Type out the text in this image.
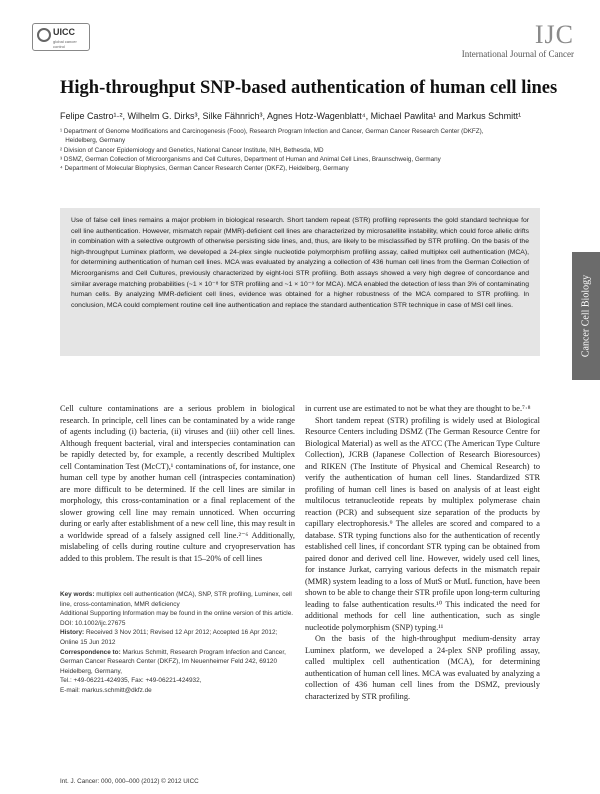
UICC
global cancer control	IJC
International Journal of Cancer
High-throughput SNP-based authentication of human cell lines
Felipe Castro¹·², Wilhelm G. Dirks³, Silke Fähnrich³, Agnes Hotz-Wagenblatt⁴, Michael Pawlita¹ and Markus Schmitt¹

¹ Department of Genome Modifications and Carcinogenesis (Fooo), Research Program Infection and Cancer, German Cancer Research Center (DKFZ),

Heidelberg, Germany

² Division of Cancer Epidemiology and Genetics, National Cancer Institute, NIH, Bethesda, MD

³ DSMZ, German Collection of Microorganisms and Cell Cultures, Department of Human and Animal Cell Lines, Braunschweig, Germany

⁴ Department of Molecular Biophysics, German Cancer Research Center (DKFZ), Heidelberg, Germany

Use of false cell lines remains a major problem in biological research. Short tandem repeat (STR) profiling represents the gold standard technique for cell line authentication. However, mismatch repair (MMR)-deficient cell lines are characterized by microsatellite instability, which could force allelic drifts in combination with a selective outgrowth of otherwise persisting side lines, and, thus, are likely to be misclassified by STR profiling. On the basis of the high-throughput Luminex platform, we developed a 24-plex single nucleotide polymorphism profiling assay, called multiplex cell authentication (MCA), for determining authentication of human cell lines. MCA was evaluated by analyzing a collection of 436 human cell lines from the German Collection of Microorganisms and Cell Cultures, previously characterized by eight-loci STR profiling. Both assays showed a very high degree of concordance and similar average matching probabilities (~1 × 10⁻⁸ for STR profiling and ~1 × 10⁻⁹ for MCA). MCA enabled the detection of less than 3% of contaminating human cells. By analyzing MMR-deficient cell lines, evidence was obtained for a higher robustness of the MCA compared to STR profiling. In conclusion, MCA could complement routine cell line authentication and replace the standard authentication STR technique in case of MSI cell lines.	Cancer Cell Biology

Cell culture contaminations are a serious problem in biological research. In principle, cell lines can be contaminated by a wide range of agents including (i) bacteria, (ii) viruses and (iii) other cell lines. Although frequent bacterial, viral and interspecies contamination can be rapidly detected by, for example, a recently described Multiplex cell Contamination Test (McCT),¹ contaminations of, for instance, one human cell type by another human cell (intraspecies contamination) are more difficult to be determined. If the cell lines are similar in morphology, this cross-contamination or a final replacement of the slower growing cell line may remain unnoticed. When occurring during or early after establishment of a new cell line, this may result in a worldwide spread of a falsely assigned cell line.²⁻⁶ Additionally, mislabeling of cells during routine culture and cryopreservation has added to this problem. The result is that 15–20% of cell lines

in current use are estimated to not be what they are thought to be.⁷·⁸

Short tandem repeat (STR) profiling is widely used at Biological Resource Centers including DSMZ (The German Resource Centre for Biological Material) as well as the ATCC (The American Type Culture Collection), JCRB (Japanese Collection of Research Bioresources) and RIKEN (The Institute of Physical and Chemical Research) to verify the authentication of human cell lines. Standardized STR profiling of human cell lines is based on analysis of at least eight multilocus tetranucleotide repeats by multiplex polymerase chain reaction (PCR) and subsequent size separation of the products by capillary electrophoresis.⁹ The alleles are scored and compared to a database. STR typing functions also for the authentication of recently established cell lines, if concordant STR typing can be obtained from paired donor and derived cell line. However, widely used cell lines, for instance Jurkat, carrying various defects in the mismatch repair (MMR) system leading to a loss of MutS or MutL function, have been shown to be able to change their STR profile upon long-term culturing leading to false authentication results.¹⁰ This indicated the need for additional methods for cell line authentication, such as single nucleotide polymorphism (SNP) typing.¹¹

On the basis of the high-throughput medium-density array Luminex platform, we developed a 24-plex SNP profiling assay, called multiplex cell authentication (MCA), for determining authentication of human cell lines. MCA was evaluated by analyzing a collection of 436 human cell lines from the DSMZ, previously characterized by STR profiling.

Key words: multiplex cell authentication (MCA), SNP, STR profiling, Luminex, cell line, cross-contamination, MMR deficiency

Additional Supporting Information may be found in the online version of this article.

DOI: 10.1002/ijc.27675

History: Received 3 Nov 2011; Revised 12 Apr 2012; Accepted 16 Apr 2012; Online 15 Jun 2012

Correspondence to: Markus Schmitt, Research Program Infection and Cancer, German Cancer Research Center (DKFZ), Im Neuenheimer Feld 242, 69120 Heidelberg, Germany,

Tel.: +49-06221-424935, Fax: +49-06221-424932,

E-mail: markus.schmitt@dkfz.de

Int. J. Cancer: 000, 000–000 (2012) © 2012 UICC
